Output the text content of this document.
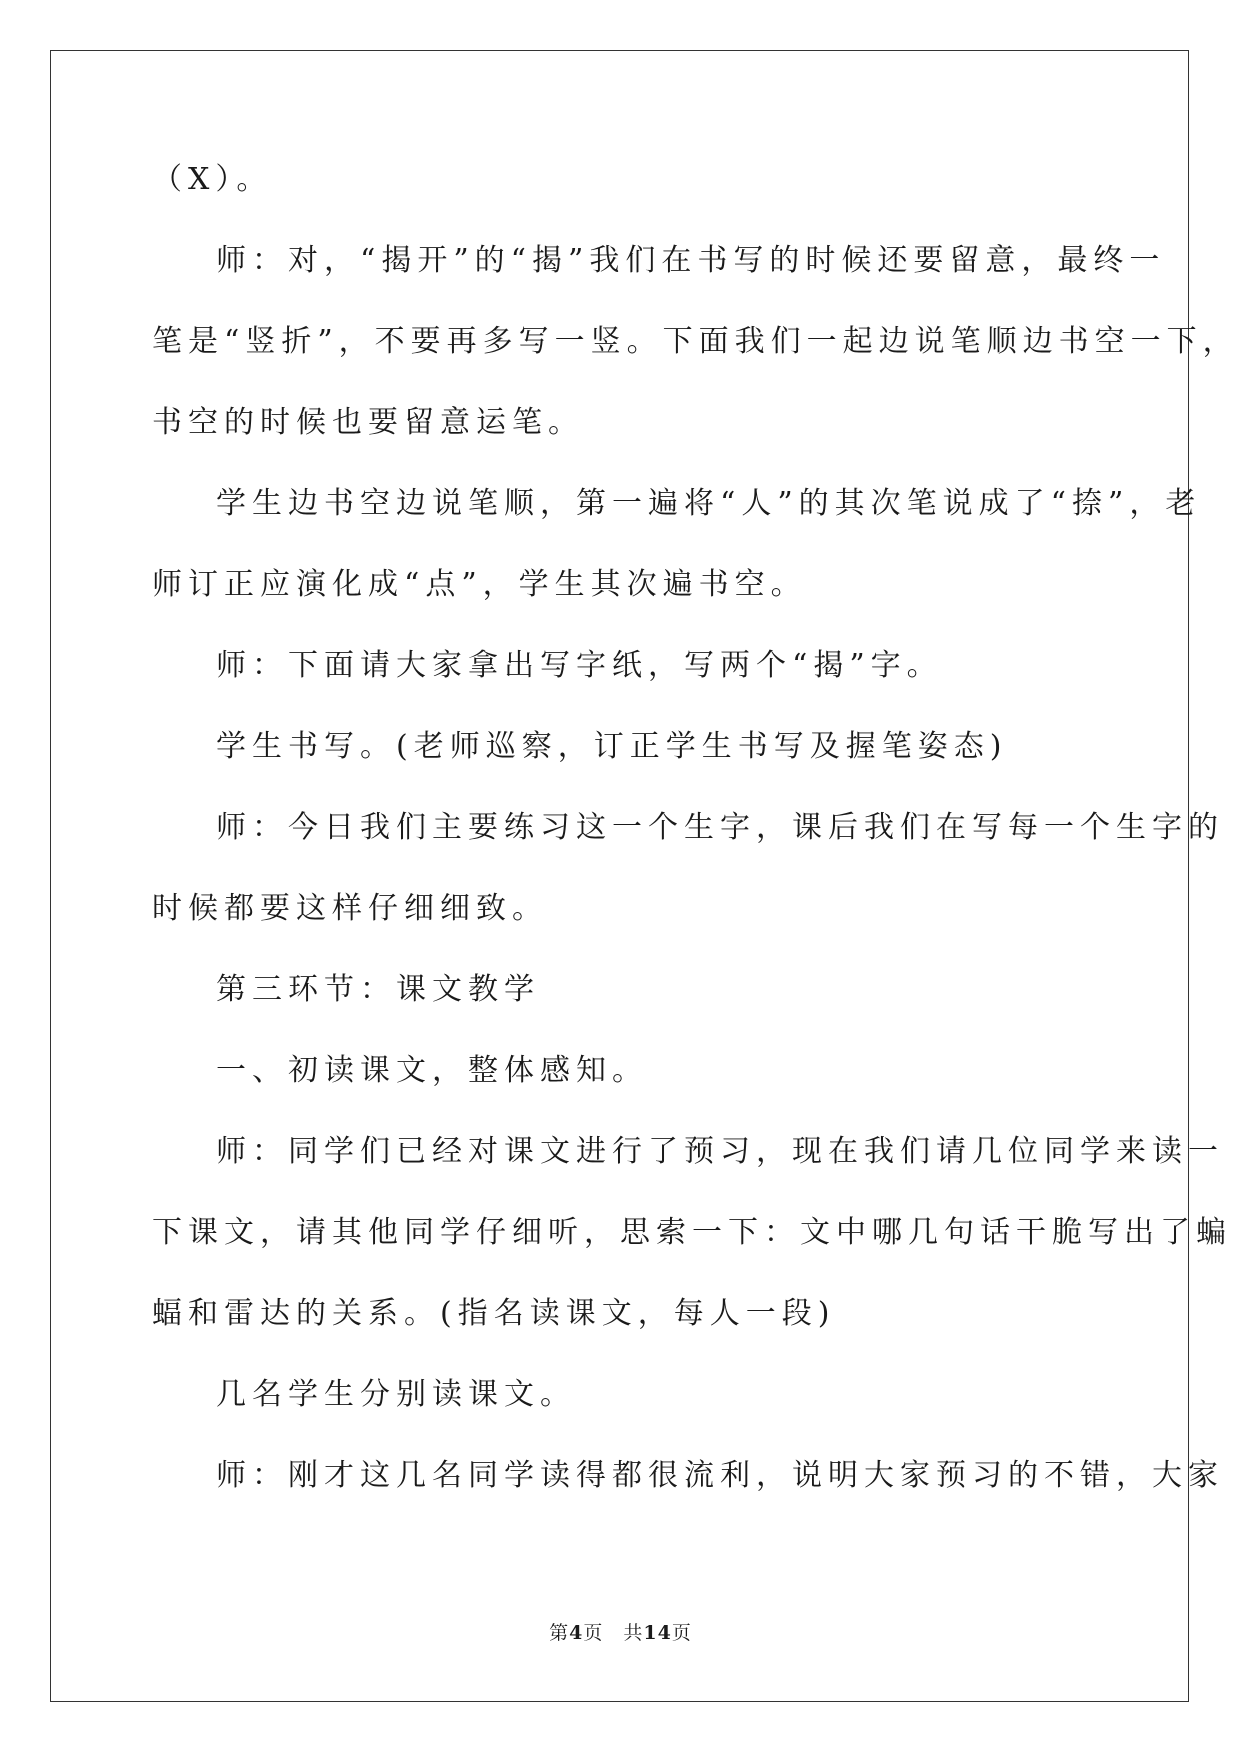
（X）。

师：对，“揭开”的“揭”我们在书写的时候还要留意，最终一

笔是“竖折”，不要再多写一竖。下面我们一起边说笔顺边书空一下，

书空的时候也要留意运笔。

学生边书空边说笔顺，第一遍将“人”的其次笔说成了“捺”，老

师订正应演化成“点”，学生其次遍书空。

师：下面请大家拿出写字纸，写两个“揭”字。

学生书写。(老师巡察，订正学生书写及握笔姿态)

师：今日我们主要练习这一个生字，课后我们在写每一个生字的

时候都要这样仔细细致。

第三环节：课文教学

一、初读课文，整体感知。

师：同学们已经对课文进行了预习，现在我们请几位同学来读一

下课文，请其他同学仔细听，思索一下：文中哪几句话干脆写出了蝙

蝠和雷达的关系。(指名读课文，每人一段)

几名学生分别读课文。

师：刚才这几名同学读得都很流利，说明大家预习的不错，大家

第4页　共14页
